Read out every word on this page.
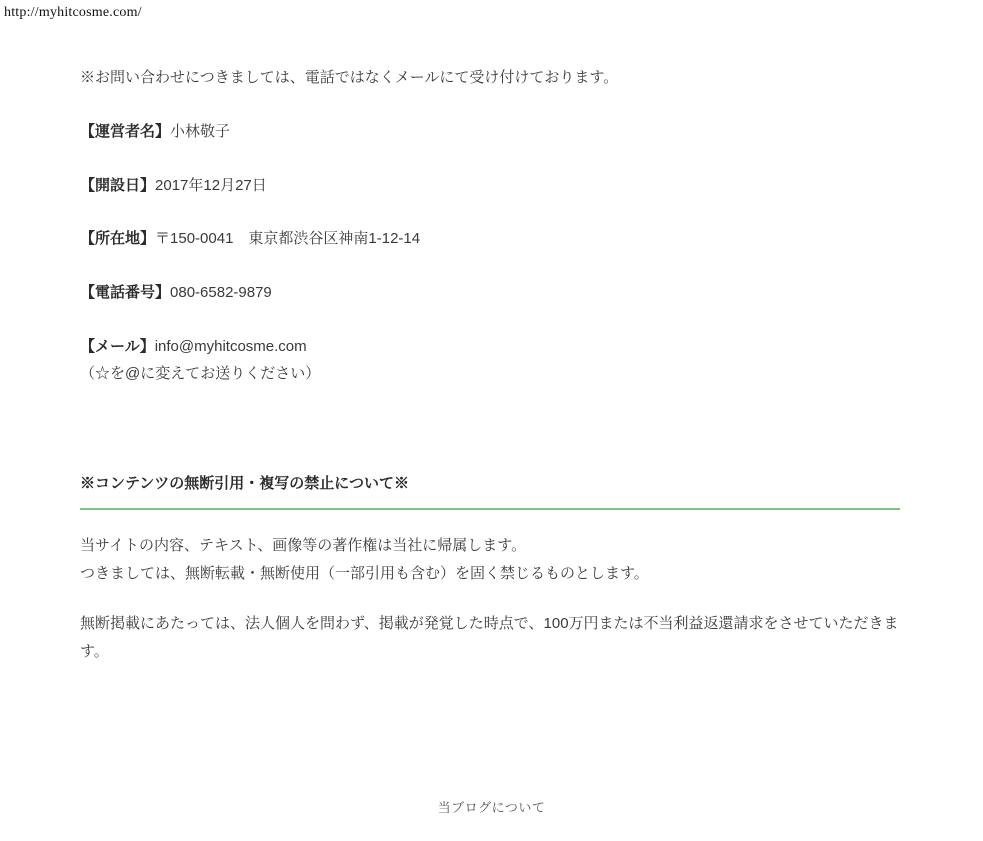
http://myhitcosme.com/

※お問い合わせにつきましては、電話ではなくメールにて受け付けております。

【運営者名】小林敬子

【開設日】2017年12月27日

【所在地】〒150-0041　東京都渋谷区神南1-12-14

【電話番号】080-6582-9879

【メール】info@myhitcosme.com

（☆を@に変えてお送りください）

※コンテンツの無断引用・複写の禁止について※

当サイトの内容、テキスト、画像等の著作権は当社に帰属します。
つきましては、無断転載・無断使用（一部引用も含む）を固く禁じるものとします。

無断掲載にあたっては、法人個人を問わず、掲載が発覚した時点で、100万円または不当利益返還請求をさせていただきます。

当ブログについて
